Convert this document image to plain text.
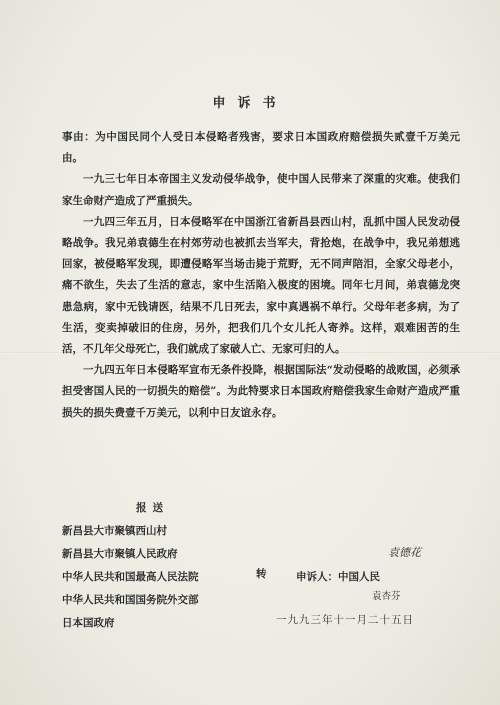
申诉书

事由：为中国民同个人受日本侵略者残害，要求日本国政府赔偿损失贰壹千万美元由。

一九三七年日本帝国主义发动侵华战争，使中国人民带来了深重的灾难。使我们家生命财产造成了严重损失。

一九四三年五月，日本侵略军在中国浙江省新昌县西山村，乱抓中国人民发动侵略战争。我兄弟袁德生在村郊劳动也被抓去当军夫，背抢炮，在战争中，我兄弟想逃回家，被侵略军发现，即遭侵略军当场击毙于荒野，无不同声陪泪，全家父母老小，痛不欲生，失去了生活的意志，家中生活陷入极度的困境。同年七月间，弟袁德龙突患急病，家中无钱请医，结果不几日死去，家中真遇祸不单行。父母年老多病，为了生活，变卖掉破旧的住房，另外，把我们几个女儿托人寄养。这样，艰难困苦的生活，不几年父母死亡，我们就成了家破人亡、无家可归的人。

一九四五年日本侵略军宣布无条件投降，根据国际法“发动侵略的战败国，必须承担受害国人民的一切损失的赔偿”。为此特要求日本国政府赔偿我家生命财产造成严重损失的损失费壹千万美元，以利中日友谊永存。

报送
新昌县大市聚镇西山村
新昌县大市聚镇人民政府
中华人民共和国最高人民法院
中华人民共和国国务院外交部
日本国政府
转
袁德花
申诉人：中国人民
袁杏芬
一九九三年十一月二十五日
